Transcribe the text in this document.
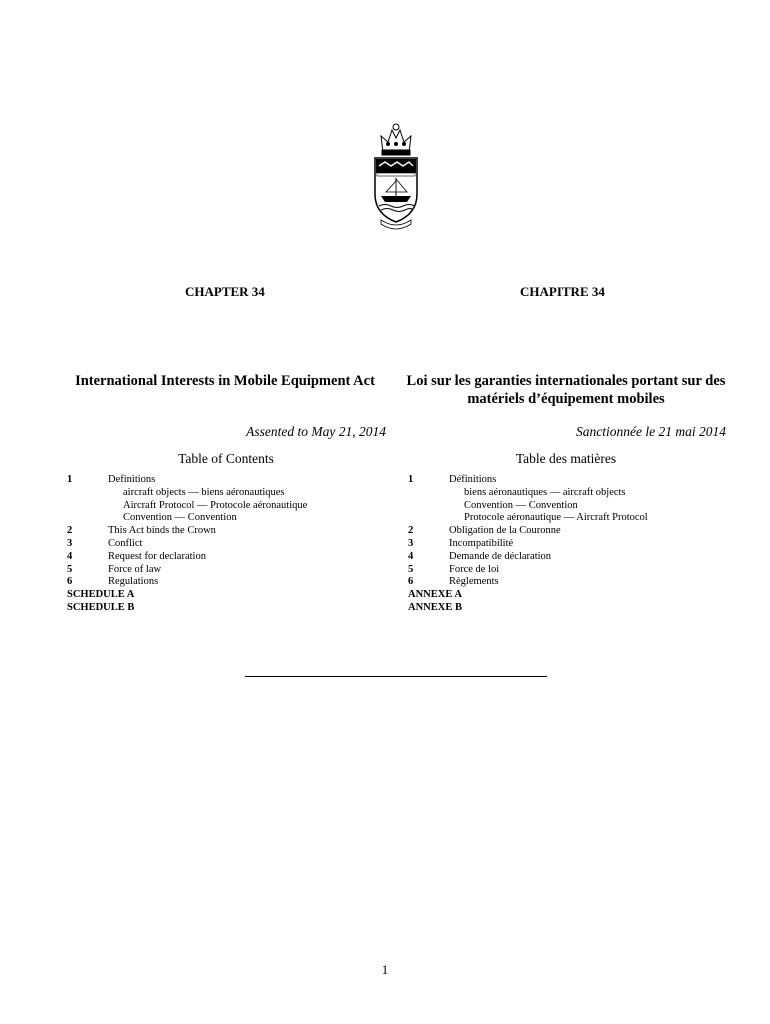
CHAPTER 34
International Interests in Mobile Equipment Act
Assented to May 21, 2014
Table of Contents
1	Definitions
aircraft objects — biens aéronautiques
Aircraft Protocol — Protocole aéronautique
Convention — Convention
2	This Act binds the Crown
3	Conflict
4	Request for declaration
5	Force of law
6	Regulations
SCHEDULE A
SCHEDULE B
CHAPITRE 34
Loi sur les garanties internationales portant sur des matériels d’équipement mobiles
Sanctionnée le 21 mai 2014
Table des matières
1	Définitions
biens aéronautiques — aircraft objects
Convention — Convention
Protocole aéronautique — Aircraft Protocol
2	Obligation de la Couronne
3	Incompatibilité
4	Demande de déclaration
5	Force de loi
6	Règlements
ANNEXE A
ANNEXE B
1
